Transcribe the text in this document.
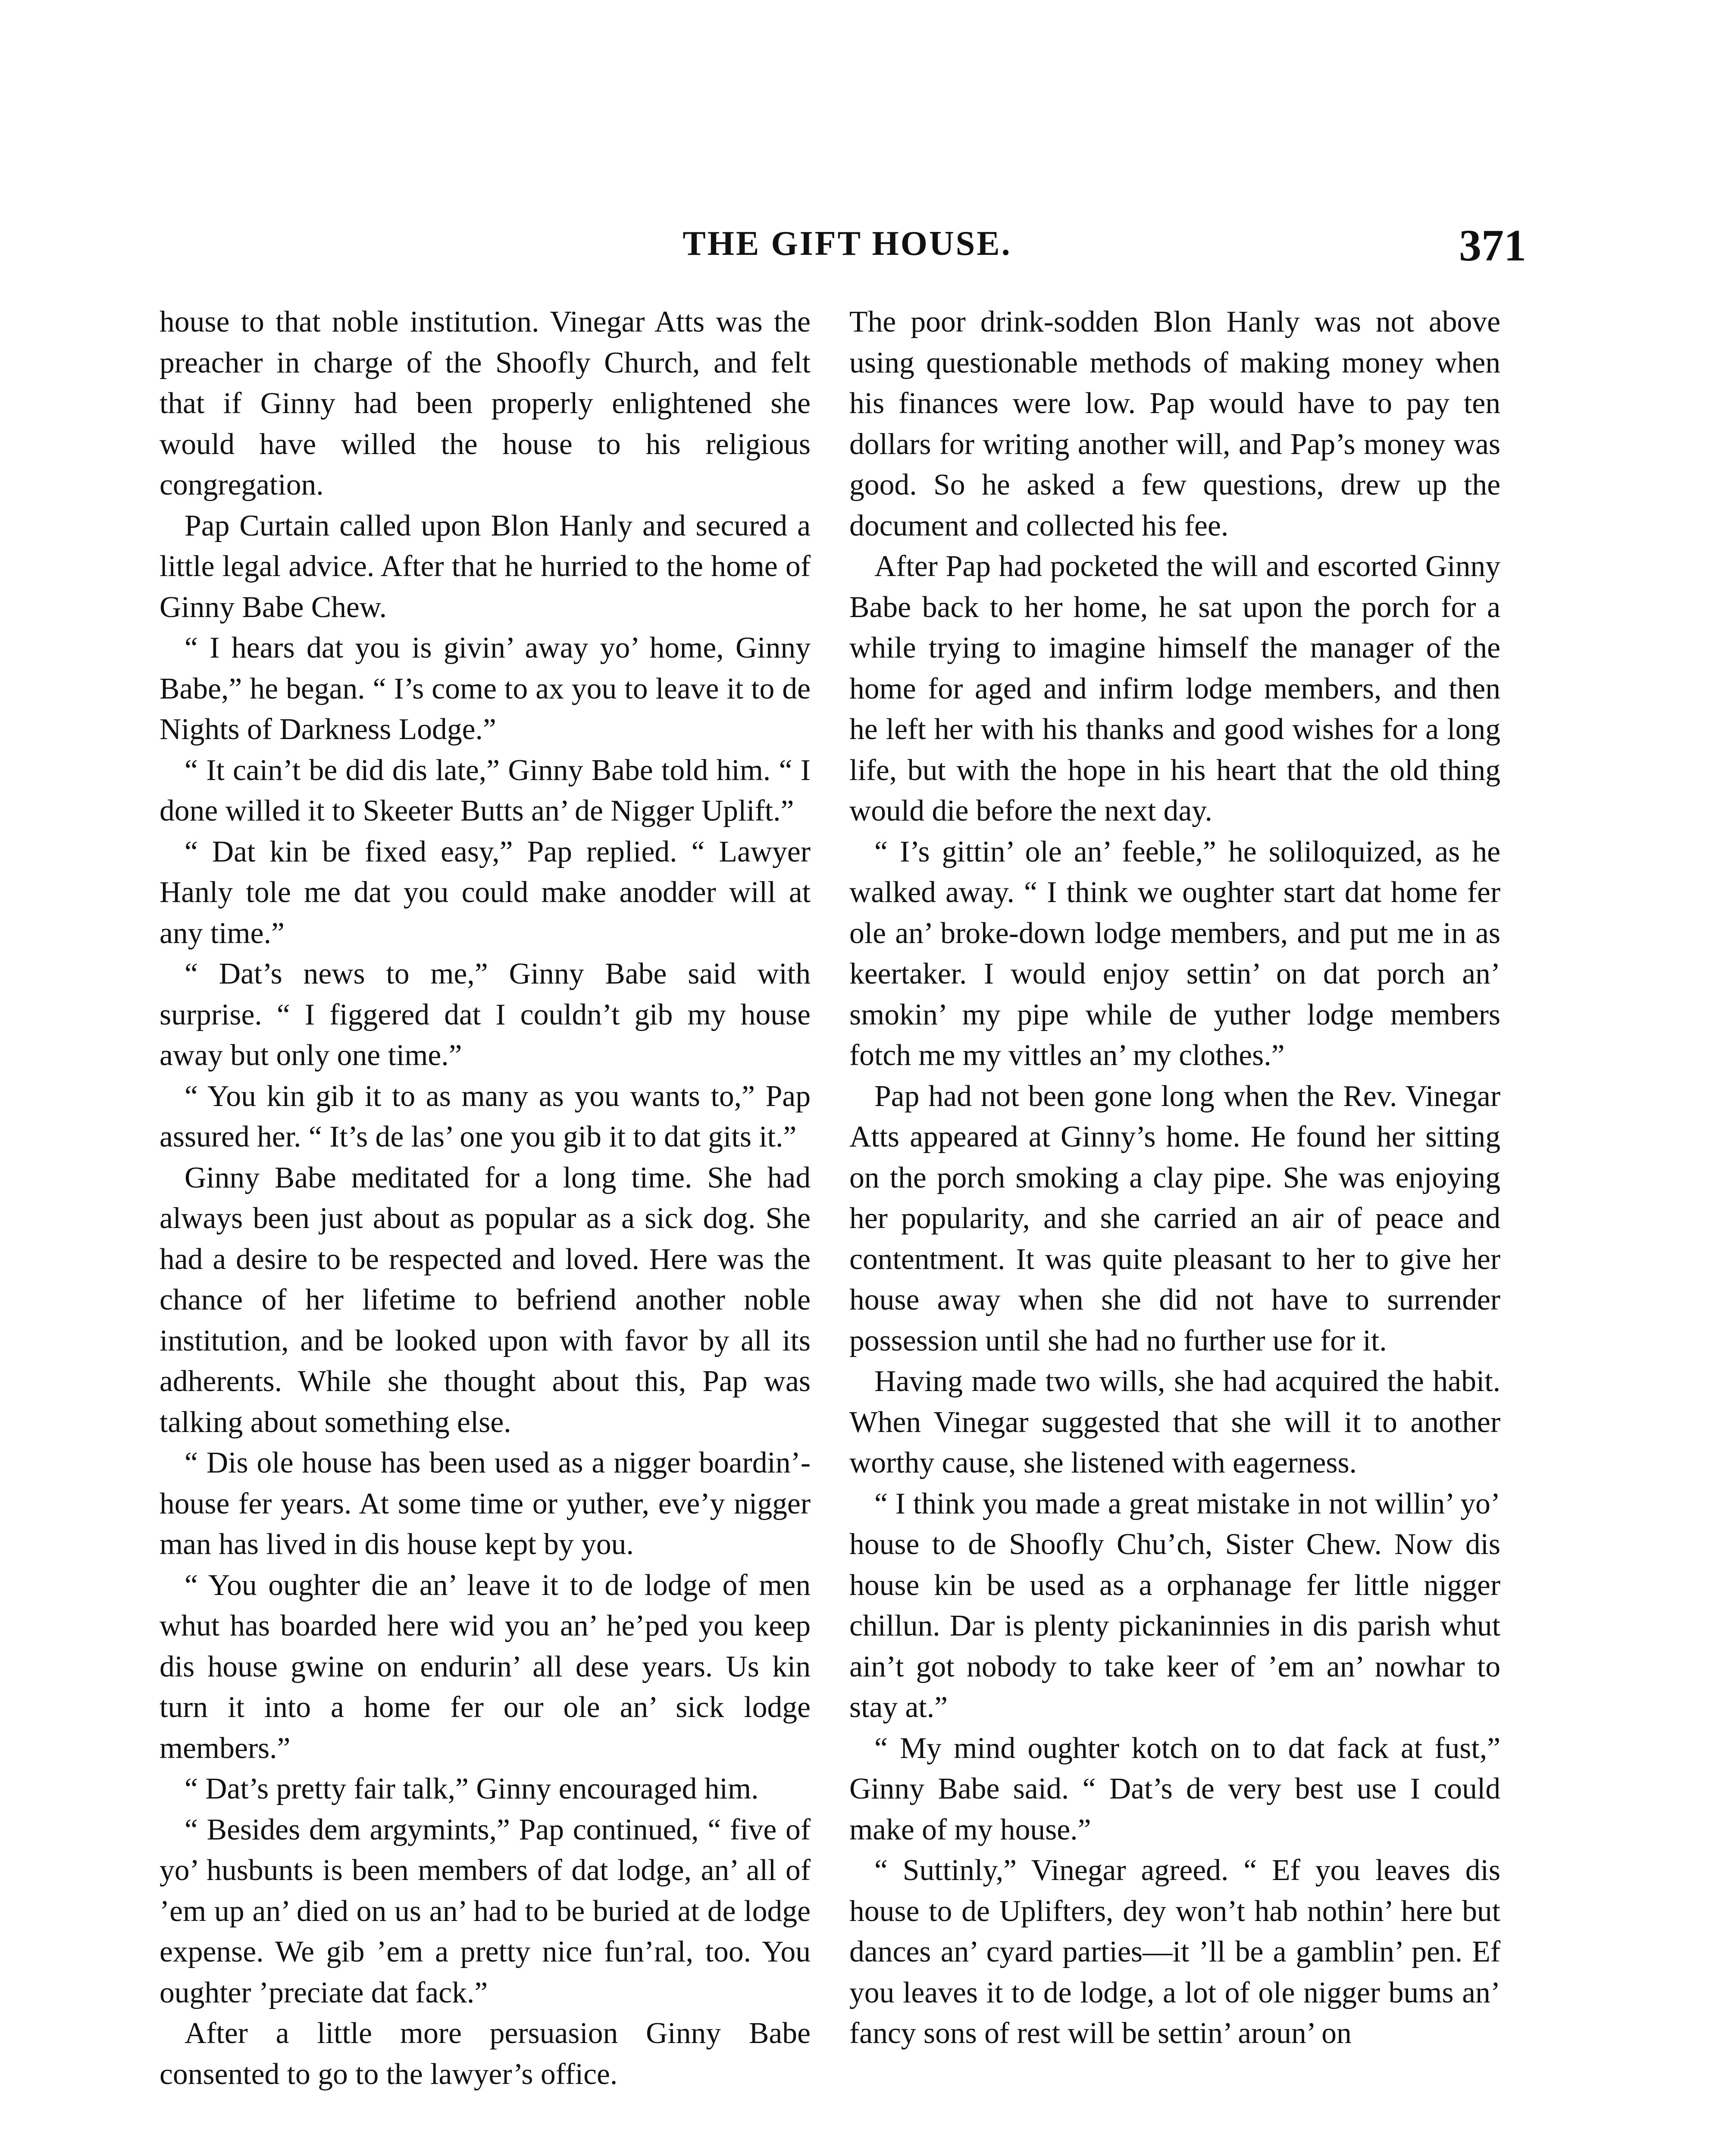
THE GIFT HOUSE.	371

house to that noble institution. Vinegar Atts was the preacher in charge of the Shoofly Church, and felt that if Ginny had been properly enlightened she would have willed the house to his religious congregation.

Pap Curtain called upon Blon Hanly and secured a little legal advice. After that he hurried to the home of Ginny Babe Chew.

“ I hears dat you is givin’ away yo’ home, Ginny Babe,” he began. “ I’s come to ax you to leave it to de Nights of Darkness Lodge.”

“ It cain’t be did dis late,” Ginny Babe told him. “ I done willed it to Skeeter Butts an’ de Nigger Uplift.”

“ Dat kin be fixed easy,” Pap replied. “ Lawyer Hanly tole me dat you could make anodder will at any time.”

“ Dat’s news to me,” Ginny Babe said with surprise. “ I figgered dat I couldn’t gib my house away but only one time.”

“ You kin gib it to as many as you wants to,” Pap assured her. “ It’s de las’ one you gib it to dat gits it.”

Ginny Babe meditated for a long time. She had always been just about as popular as a sick dog. She had a desire to be respected and loved. Here was the chance of her lifetime to befriend another noble institution, and be looked upon with favor by all its adherents. While she thought about this, Pap was talking about something else.

“ Dis ole house has been used as a nigger boardin’-house fer years. At some time or yuther, eve’y nigger man has lived in dis house kept by you.

“ You oughter die an’ leave it to de lodge of men whut has boarded here wid you an’ he’ped you keep dis house gwine on endurin’ all dese years. Us kin turn it into a home fer our ole an’ sick lodge members.”

“ Dat’s pretty fair talk,” Ginny encouraged him.

“ Besides dem argymints,” Pap continued, “ five of yo’ husbunts is been members of dat lodge, an’ all of ’em up an’ died on us an’ had to be buried at de lodge expense. We gib ’em a pretty nice fun’ral, too. You oughter ’preciate dat fack.”

After a little more persuasion Ginny Babe consented to go to the lawyer’s office.

The poor drink-sodden Blon Hanly was not above using questionable methods of making money when his finances were low. Pap would have to pay ten dollars for writing another will, and Pap’s money was good. So he asked a few questions, drew up the document and collected his fee.

After Pap had pocketed the will and escorted Ginny Babe back to her home, he sat upon the porch for a while trying to imagine himself the manager of the home for aged and infirm lodge members, and then he left her with his thanks and good wishes for a long life, but with the hope in his heart that the old thing would die before the next day.

“ I’s gittin’ ole an’ feeble,” he soliloquized, as he walked away. “ I think we oughter start dat home fer ole an’ broke-down lodge members, and put me in as keertaker. I would enjoy settin’ on dat porch an’ smokin’ my pipe while de yuther lodge members fotch me my vittles an’ my clothes.”

Pap had not been gone long when the Rev. Vinegar Atts appeared at Ginny’s home. He found her sitting on the porch smoking a clay pipe. She was enjoying her popularity, and she carried an air of peace and contentment. It was quite pleasant to her to give her house away when she did not have to surrender possession until she had no further use for it.

Having made two wills, she had acquired the habit. When Vinegar suggested that she will it to another worthy cause, she listened with eagerness.

“ I think you made a great mistake in not willin’ yo’ house to de Shoofly Chu’ch, Sister Chew. Now dis house kin be used as a orphanage fer little nigger chillun. Dar is plenty pickaninnies in dis parish whut ain’t got nobody to take keer of ’em an’ nowhar to stay at.”

“ My mind oughter kotch on to dat fack at fust,” Ginny Babe said. “ Dat’s de very best use I could make of my house.”

“ Suttinly,” Vinegar agreed. “ Ef you leaves dis house to de Uplifters, dey won’t hab nothin’ here but dances an’ cyard parties—it ’ll be a gamblin’ pen. Ef you leaves it to de lodge, a lot of ole nigger bums an’ fancy sons of rest will be settin’ aroun’ on
